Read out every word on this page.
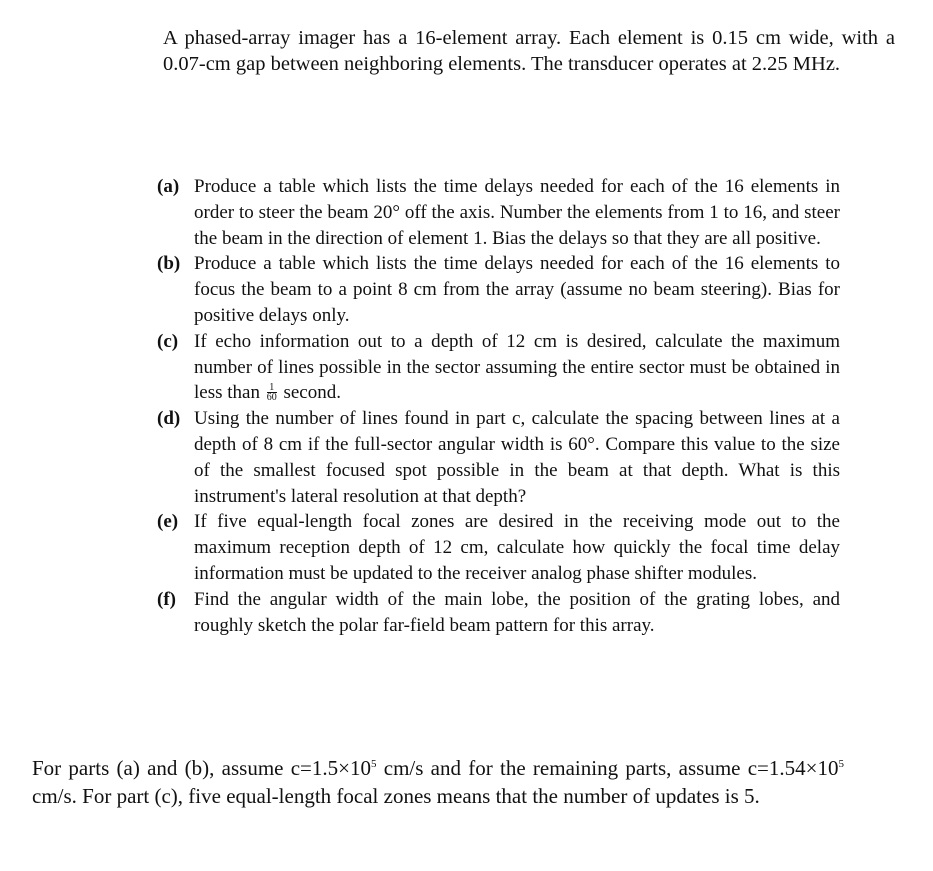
A phased-array imager has a 16-element array. Each element is 0.15 cm wide, with a 0.07-cm gap between neighboring elements. The transducer operates at 2.25 MHz.
(a) Produce a table which lists the time delays needed for each of the 16 elements in order to steer the beam 20° off the axis. Number the elements from 1 to 16, and steer the beam in the direction of element 1. Bias the delays so that they are all positive.
(b) Produce a table which lists the time delays needed for each of the 16 elements to focus the beam to a point 8 cm from the array (assume no beam steering). Bias for positive delays only.
(c) If echo information out to a depth of 12 cm is desired, calculate the maximum number of lines possible in the sector assuming the entire sector must be obtained in less than $\frac{1}{60}$ second.
(d) Using the number of lines found in part c, calculate the spacing between lines at a depth of 8 cm if the full-sector angular width is 60°. Compare this value to the size of the smallest focused spot possible in the beam at that depth. What is this instrument's lateral resolution at that depth?
(e) If five equal-length focal zones are desired in the receiving mode out to the maximum reception depth of 12 cm, calculate how quickly the focal time delay information must be updated to the receiver analog phase shifter modules.
(f) Find the angular width of the main lobe, the position of the grating lobes, and roughly sketch the polar far-field beam pattern for this array.
For parts (a) and (b), assume $c=1.5\times 10^5$ cm/s and for the remaining parts, assume $c=1.54\times 10^5$ cm/s. For part (c), five equal-length focal zones means that the number of updates is 5.
